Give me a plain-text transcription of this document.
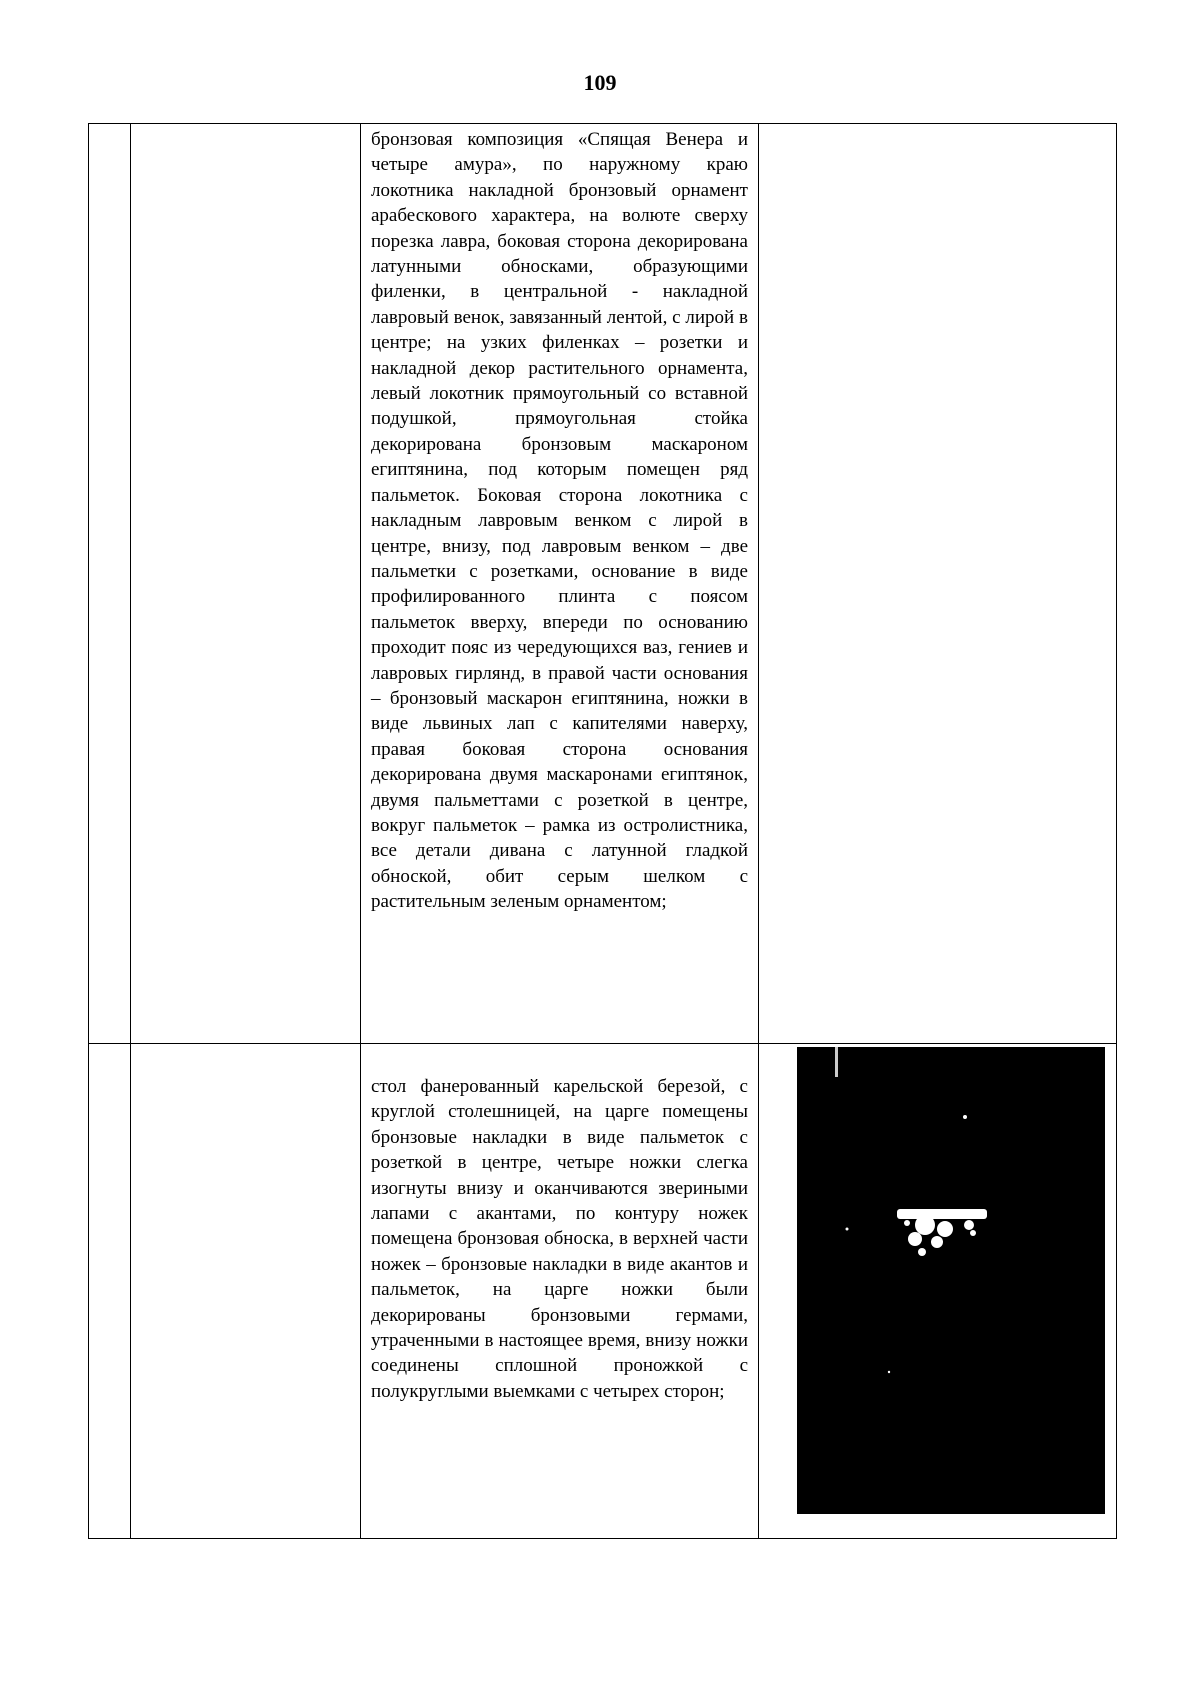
109

		бронзовая композиция «Спящая Венера и четыре амура», по наружному краю локотника накладной бронзовый орнамент арабескового характера, на волюте сверху порезка лавра, боковая сторона декорирована латунными обносками, образующими филенки, в центральной - накладной лавровый венок, завязанный лентой, с лирой в центре; на узких филенках – розетки и накладной декор растительного орнамента, левый локотник прямоугольный со вставной подушкой, прямоугольная стойка декорирована бронзовым маскароном египтянина, под которым помещен ряд пальметок. Боковая сторона локотника с накладным лавровым венком с лирой в центре, внизу, под лавровым венком – две пальметки с розетками, основание в виде профилированного плинта с поясом пальметок вверху, впереди по основанию проходит пояс из чередующихся ваз, гениев и лавровых гирлянд, в правой части основания – бронзовый маскарон египтянина, ножки в виде львиных лап с капителями наверху, правая боковая сторона основания декорирована двумя маскаронами египтянок, двумя пальметтами с розеткой в центре, вокруг пальметок – рамка из остролистника, все детали дивана с латунной гладкой обноской, обит серым шелком с растительным зеленым орнаментом;	

		стол фанерованный карельской березой, с круглой столешницей, на царге помещены бронзовые накладки в виде пальметок с розеткой в центре, четыре ножки слегка изогнуты внизу и оканчиваются звериными лапами с акантами, по контуру ножек помещена бронзовая обноска, в верхней части ножек – бронзовые накладки в виде акантов и пальметок, на царге ножки были декорированы бронзовыми гермами, утраченными в настоящее время, внизу ножки соединены сплошной проножкой с полукруглыми выемками с четырех сторон;
